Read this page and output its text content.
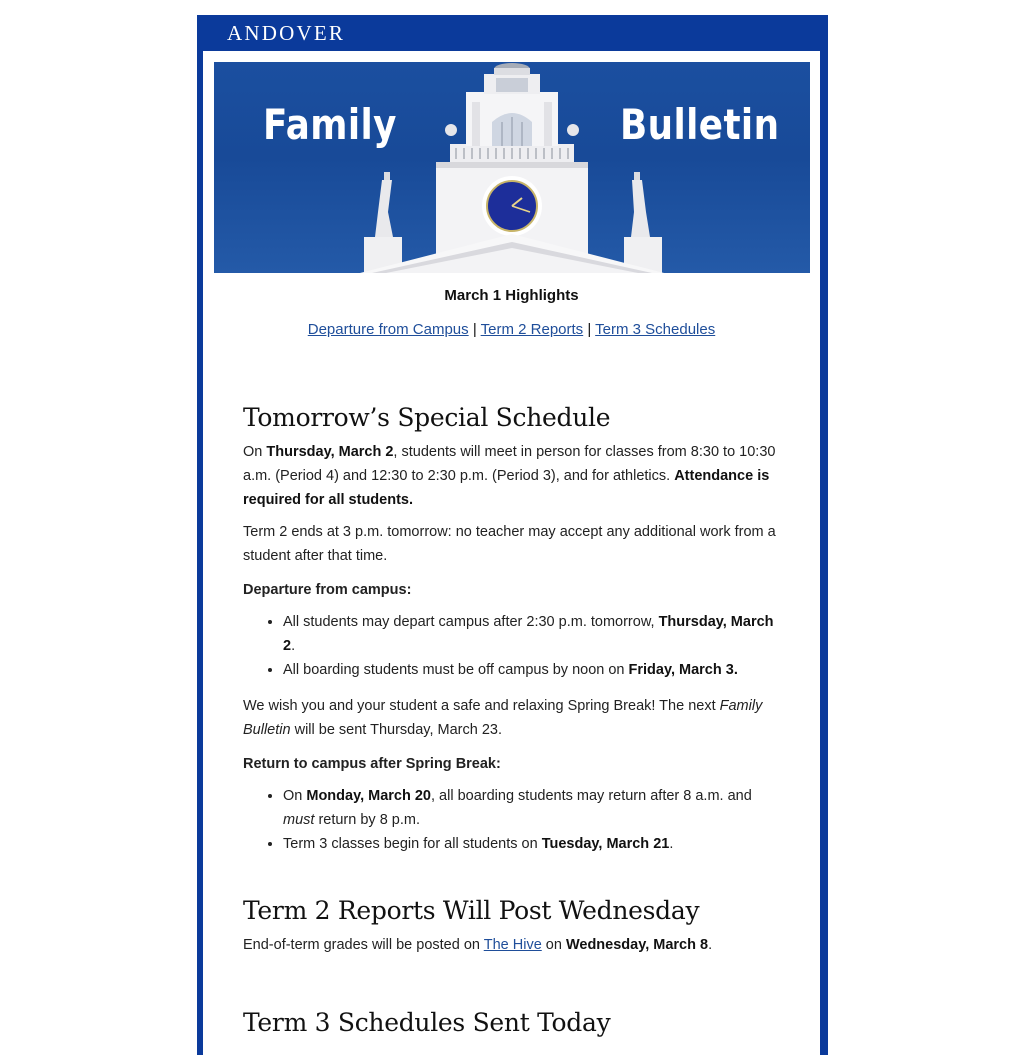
ANDOVER
Family	Bulletin
March 1 Highlights
Departure from Campus | Term 2 Reports | Term 3 Schedules
Tomorrow’s Special Schedule

On Thursday, March 2, students will meet in person for classes from 8:30 to 10:30 a.m. (Period 4) and 12:30 to 2:30 p.m. (Period 3), and for athletics. Attendance is required for all students.

Term 2 ends at 3 p.m. tomorrow: no teacher may accept any additional work from a student after that time.

Departure from campus:

• All students may depart campus after 2:30 p.m. tomorrow, Thursday, March 2.
• All boarding students must be off campus by noon on Friday, March 3.

We wish you and your student a safe and relaxing Spring Break! The next Family Bulletin will be sent Thursday, March 23.

Return to campus after Spring Break:

• On Monday, March 20, all boarding students may return after 8 a.m. and must return by 8 p.m.
• Term 3 classes begin for all students on Tuesday, March 21.
Term 2 Reports Will Post Wednesday

End-of-term grades will be posted on The Hive on Wednesday, March 8.

Term 3 Schedules Sent Today
